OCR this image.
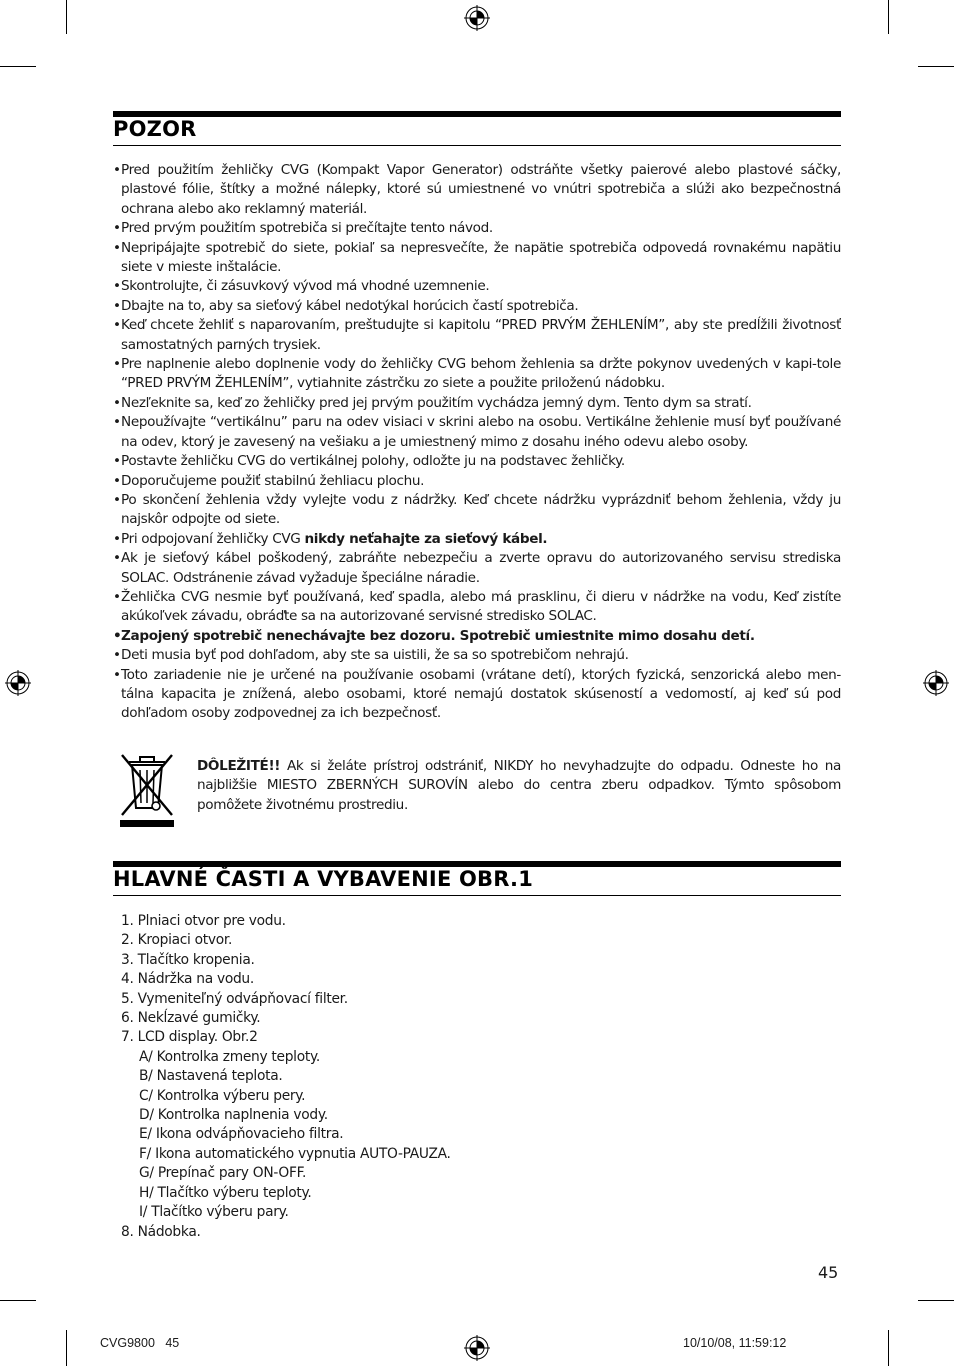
POZOR
• Pred použitím žehličky CVG (Kompakt Vapor Generator) odstráňte všetky paierové alebo plastové sáčky, plastové fólie, štítky a možné nálepky, ktoré sú umiestnené vo vnútri spotrebiča a slúži ako bezpečnostná ochrana alebo ako reklamný materiál.
• Pred prvým použitím spotrebiča si prečítajte tento návod.
• Nepripájajte spotrebič do siete, pokiaľ sa nepresvečíte, že napätie spotrebiča odpovedá rovnakému napätiu siete v mieste inštalácie.
• Skontrolujte, či zásuvkový vývod má vhodné uzemnenie.
• Dbajte na to, aby sa sieťový kábel nedotýkal horúcich častí spotrebiča.
• Keď chcete žehliť s naparovaním, preštudujte si kapitolu “PRED PRVÝM ŽEHLENÍM”, aby ste predĺžili životnosť samostatných parných trysiek.
• Pre naplnenie alebo doplnenie vody do žehličky CVG behom žehlenia sa držte pokynov uvedených v kapi-tole “PRED PRVÝM ŽEHLENÍM”, vytiahnite zástrčku zo siete a použite priloženú nádobku.
• Nezľeknite sa, keď zo žehličky pred jej prvým použitím vychádza jemný dym. Tento dym sa stratí.
• Nepoužívajte “vertikálnu” paru na odev visiaci v skrini alebo na osobu. Vertikálne žehlenie musí byť používané na odev, ktorý je zavesený na vešiaku a je umiestnený mimo z dosahu iného odevu alebo osoby.
• Postavte žehličku CVG do vertikálnej polohy, odložte ju na podstavec žehličky.
• Doporučujeme použiť stabilnú žehliacu plochu.
• Po skončení žehlenia vždy vylejte vodu z nádržky. Keď chcete nádržku vyprázdniť behom žehlenia, vždy ju najskôr odpojte od siete.
• Pri odpojovaní žehličky CVG nikdy neťahajte za sieťový kábel.
• Ak je sieťový kábel poškodený, zabráňte nebezpečiu a zverte opravu do autorizovaného servisu strediska SOLAC. Odstránenie závad vyžaduje špeciálne náradie.
• Žehlička CVG nesmie byť používaná, keď spadla, alebo má prasklinu, či dieru v nádržke na vodu, Keď zistíte akúkoľvek závadu, obráďte sa na autorizované servisné stredisko SOLAC.
• Zapojený spotrebič nenechávajte bez dozoru. Spotrebič umiestnite mimo dosahu detí.
• Deti musia byť pod dohľadom, aby ste sa uistili, že sa so spotrebičom nehrajú.
• Toto zariadenie nie je určené na používanie osobami (vrátane detí), ktorých fyzická, senzorická alebo men-tálna kapacita je znížená, alebo osobami, ktoré nemajú dostatok skúseností a vedomostí, aj keď sú pod dohľadom osoby zodpovednej za ich bezpečnosť.

DÔLEŽITÉ!! Ak si želáte prístroj odstrániť, NIKDY ho nevyhadzujte do odpadu. Odneste ho na najbližšie MIESTO ZBERNÝCH SUROVÍN alebo do centra zberu odpadkov. Týmto spôsobom pomôžete životnému prostrediu.

HLAVNÉ ČASTI A VYBAVENIE OBR.1
1. Plniaci otvor pre vodu.
2. Kropiaci otvor.
3. Tlačítko kropenia.
4. Nádržka na vodu.
5. Vymeniteľný odvápňovací filter.
6. Nekĺzavé gumičky.
7. LCD display. Obr.2
A/ Kontrolka zmeny teploty.
B/ Nastavená teplota.
C/ Kontrolka výberu pery.
D/ Kontrolka naplnenia vody.
E/ Ikona odvápňovacieho filtra.
F/ Ikona automatického vypnutia AUTO-PAUZA.
G/ Prepínač pary ON-OFF.
H/ Tlačítko výberu teploty.
I/ Tlačítko výberu pary.
8. Nádobka.
45
CVG9800   45	10/10/08, 11:59:12
